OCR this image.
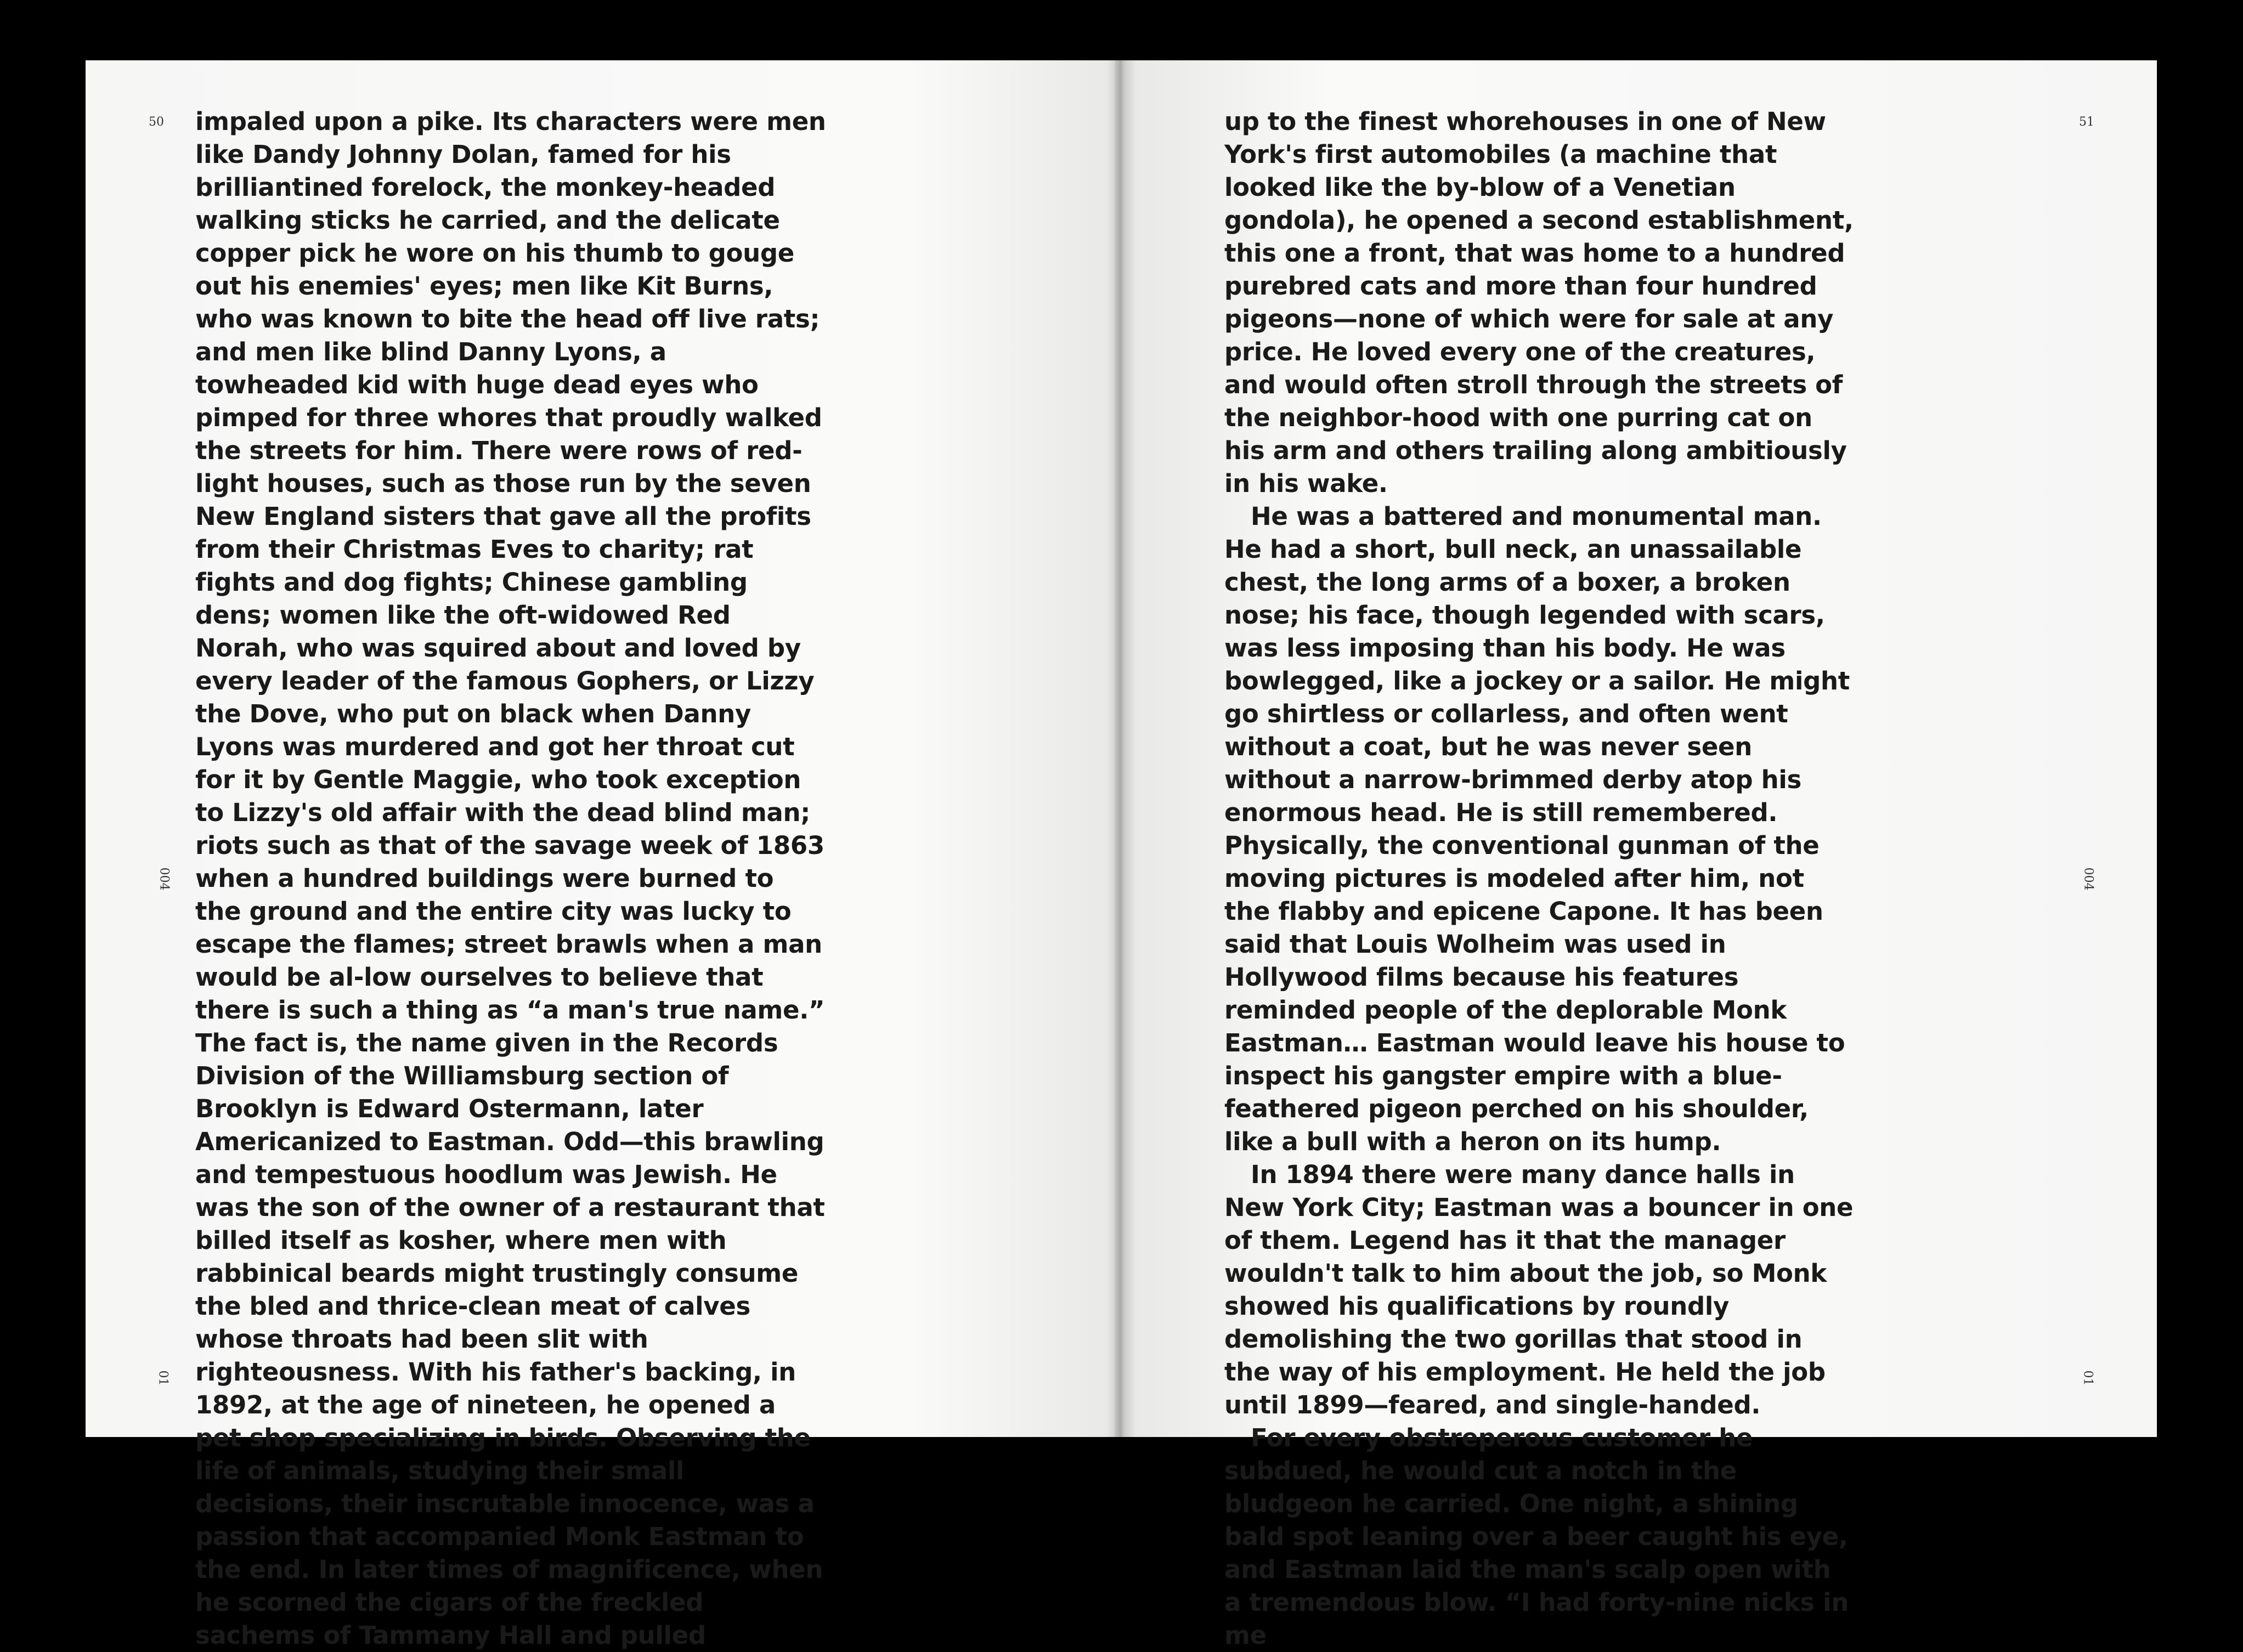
50
004
01

impaled upon a pike. Its characters were men like Dandy Johnny Dolan, famed for his brilliantined forelock, the monkey-headed walking sticks he carried, and the delicate copper pick he wore on his thumb to gouge out his enemies' eyes; men like Kit Burns, who was known to bite the head off live rats; and men like blind Danny Lyons, a towheaded kid with huge dead eyes who pimped for three whores that proudly walked the streets for him. There were rows of red-light houses, such as those run by the seven New England sisters that gave all the profits from their Christmas Eves to charity; rat fights and dog fights; Chinese gambling dens; women like the oft-widowed Red Norah, who was squired about and loved by every leader of the famous Gophers, or Lizzy the Dove, who put on black when Danny Lyons was murdered and got her throat cut for it by Gentle Maggie, who took exception to Lizzy's old affair with the dead blind man; riots such as that of the savage week of 1863 when a hundred buildings were burned to the ground and the entire city was lucky to escape the flames; street brawls when a man would be al-low ourselves to believe that there is such a thing as “a man's true name.” The fact is, the name given in the Records Division of the Williamsburg section of Brooklyn is Edward Ostermann, later Americanized to Eastman. Odd—this brawling and tempestuous hoodlum was Jewish. He was the son of the owner of a restaurant that billed itself as kosher, where men with rabbinical beards might trustingly consume the bled and thrice-clean meat of calves whose throats had been slit with righteousness. With his father's backing, in 1892, at the age of nineteen, he opened a pet shop specializing in birds. Observing the life of animals, studying their small decisions, their inscrutable innocence, was a passion that accompanied Monk Eastman to the end. In later times of magnificence, when he scorned the cigars of the freckled sachems of Tammany Hall and pulled

51
004
01

up to the finest whorehouses in one of New York's first automobiles (a machine that looked like the by-blow of a Venetian gondola), he opened a second establishment, this one a front, that was home to a hundred purebred cats and more than four hundred pigeons—none of which were for sale at any price. He loved every one of the creatures, and would often stroll through the streets of the neighbor-hood with one purring cat on his arm and others trailing along ambitiously in his wake.

He was a battered and monumental man. He had a short, bull neck, an unassailable chest, the long arms of a boxer, a broken nose; his face, though legended with scars, was less imposing than his body. He was bowlegged, like a jockey or a sailor. He might go shirtless or collarless, and often went without a coat, but he was never seen without a narrow-brimmed derby atop his enormous head. He is still remembered. Physically, the conventional gunman of the moving pictures is modeled after him, not the flabby and epicene Capone. It has been said that Louis Wolheim was used in Hollywood films because his features reminded people of the deplorable Monk Eastman… Eastman would leave his house to inspect his gangster empire with a blue-feathered pigeon perched on his shoulder, like a bull with a heron on its hump.

In 1894 there were many dance halls in New York City; Eastman was a bouncer in one of them. Legend has it that the manager wouldn't talk to him about the job, so Monk showed his qualifications by roundly demolishing the two gorillas that stood in the way of his employment. He held the job until 1899—feared, and single-handed.

For every obstreperous customer he subdued, he would cut a notch in the bludgeon he carried. One night, a shining bald spot leaning over a beer caught his eye, and Eastman laid the man's scalp open with a tremendous blow. “I had forty-nine nicks in me
